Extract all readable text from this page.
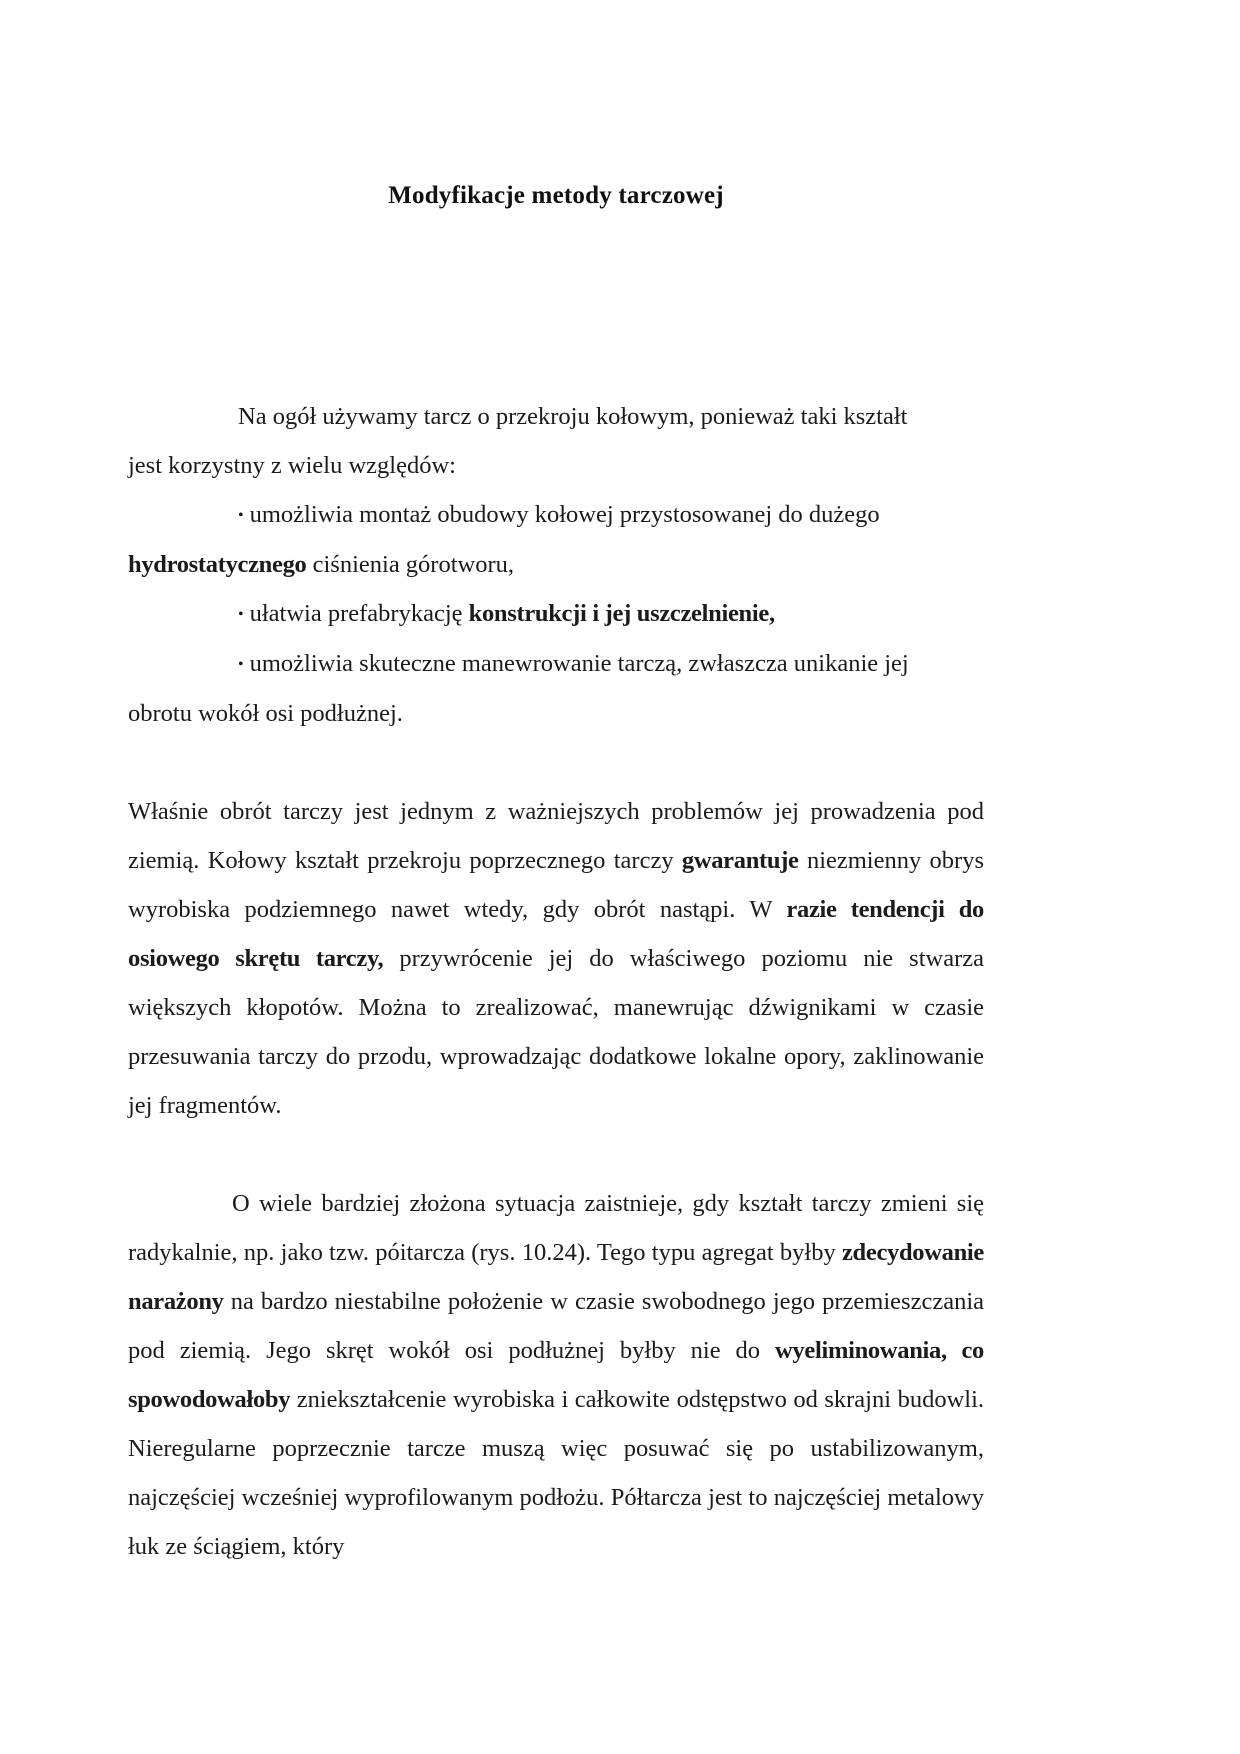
Modyfikacje metody tarczowej

Na ogół używamy tarcz o przekroju kołowym, ponieważ taki kształt

jest korzystny z wielu względów:

• umożliwia montaż obudowy kołowej przystosowanej do dużego

hydrostatycznego ciśnienia górotworu,

• ułatwia prefabrykację konstrukcji i jej uszczelnienie,

• umożliwia skuteczne manewrowanie tarczą, zwłaszcza unikanie jej

obrotu wokół osi podłużnej.

Właśnie obrót tarczy jest jednym z ważniejszych problemów jej prowadzenia pod ziemią. Kołowy kształt przekroju poprzecznego tarczy gwarantuje niezmienny obrys wyrobiska podziemnego nawet wtedy, gdy obrót nastąpi. W razie tendencji do osiowego skrętu tarczy, przywrócenie jej do właściwego poziomu nie stwarza większych kłopotów. Można to zrealizować, manewrując dźwignikami w czasie przesuwania tarczy do przodu, wprowadzając dodatkowe lokalne opory, zaklinowanie jej fragmentów.

O wiele bardziej złożona sytuacja zaistnieje, gdy kształt tarczy zmieni się radykalnie, np. jako tzw. póitarcza (rys. 10.24). Tego typu agregat byłby zdecydowanie narażony na bardzo niestabilne położenie w czasie swobodnego jego przemieszczania pod ziemią. Jego skręt wokół osi podłużnej byłby nie do wyeliminowania, co spowodowałoby zniekształcenie wyrobiska i całkowite odstępstwo od skrajni budowli. Nieregularne poprzecznie tarcze muszą więc posuwać się po ustabilizowanym, najczęściej wcześniej wyprofilowanym podłożu. Półtarcza jest to najczęściej metalowy łuk ze ściągiem, który
